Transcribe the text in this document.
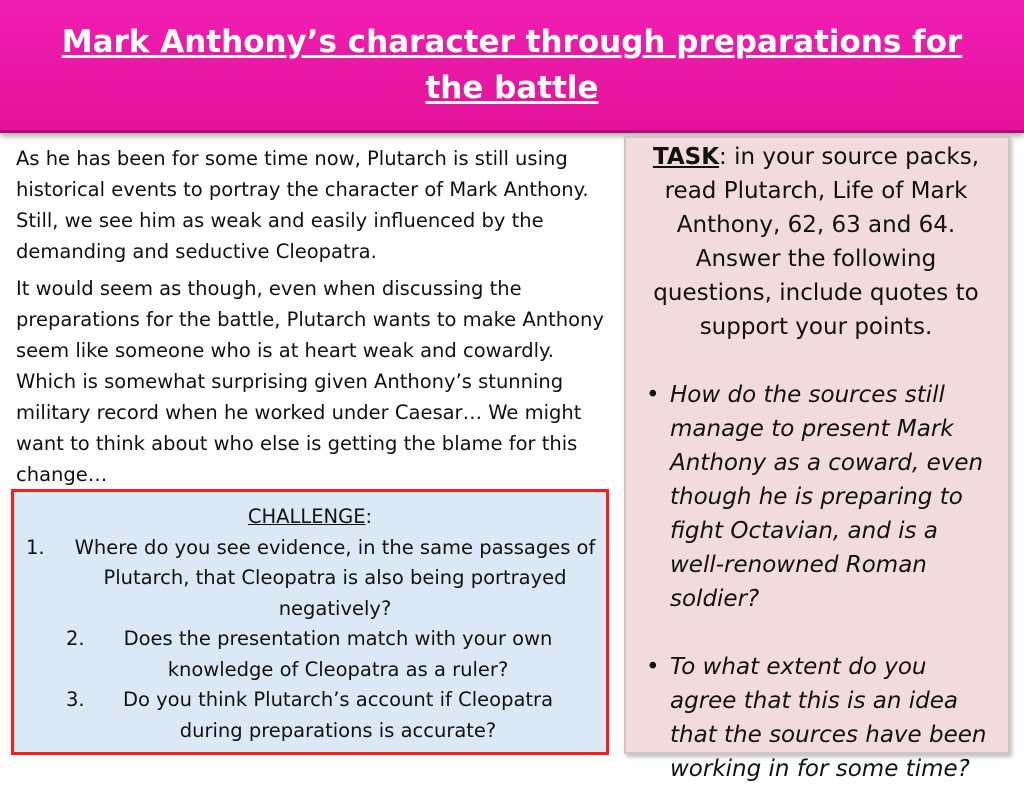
Mark Anthony’s character through preparations for the battle

As he has been for some time now, Plutarch is still using historical events to portray the character of Mark Anthony. Still, we see him as weak and easily influenced by the demanding and seductive Cleopatra.

It would seem as though, even when discussing the preparations for the battle, Plutarch wants to make Anthony seem like someone who is at heart weak and cowardly. Which is somewhat surprising given Anthony’s stunning military record when he worked under Caesar… We might want to think about who else is getting the blame for this change…

TASK: in your source packs, read Plutarch, Life of Mark Anthony, 62, 63 and 64. Answer the following questions, include quotes to support your points.

• How do the sources still manage to present Mark Anthony as a coward, even though he is preparing to fight Octavian, and is a well-renowned Roman soldier?
• To what extent do you agree that this is an idea that the sources have been working in for some time?

CHALLENGE:

1. Where do you see evidence, in the same passages of Plutarch, that Cleopatra is also being portrayed negatively?
2. Does the presentation match with your own knowledge of Cleopatra as a ruler?
3. Do you think Plutarch’s account if Cleopatra during preparations is accurate?
